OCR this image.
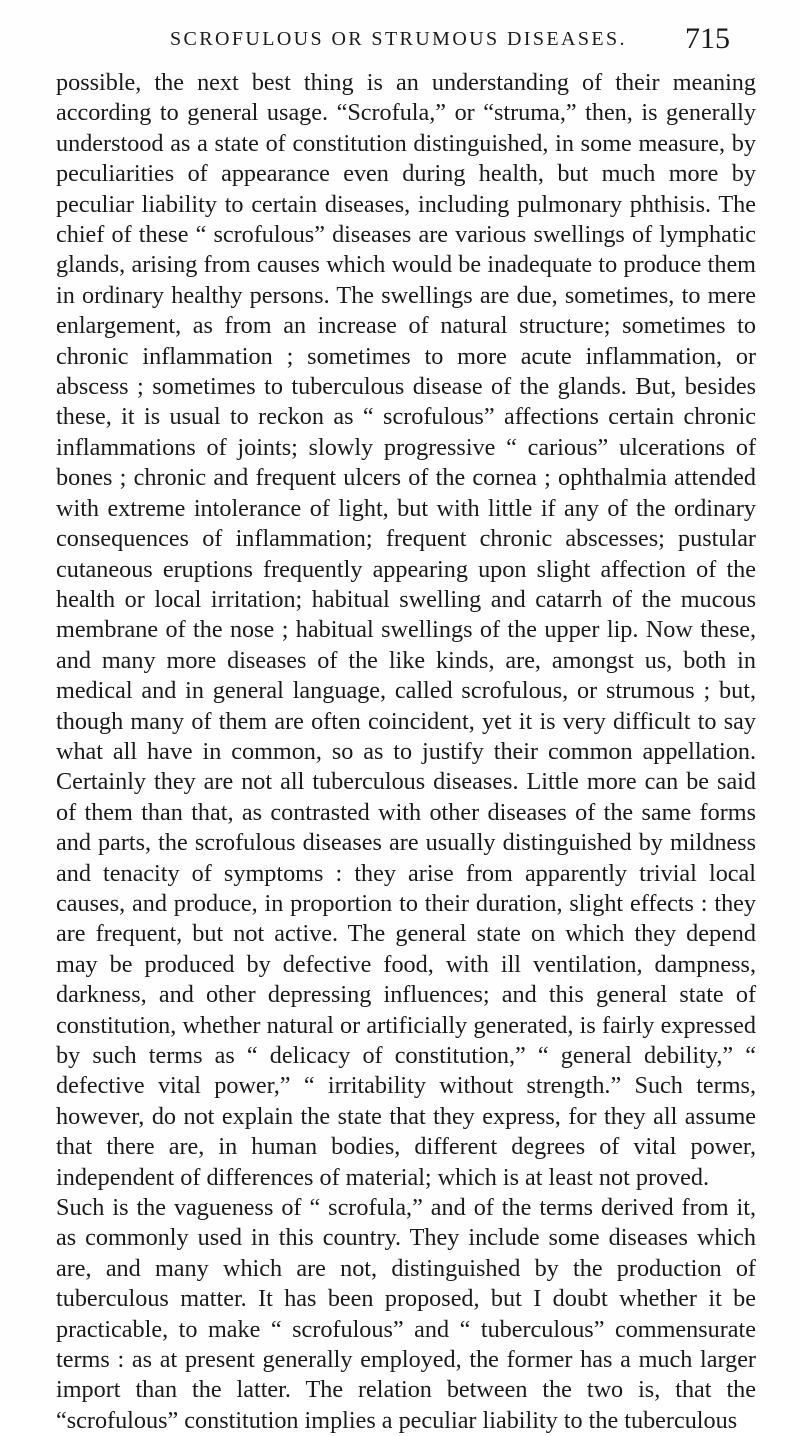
SCROFULOUS OR STRUMOUS DISEASES. 715

possible, the next best thing is an understanding of their meaning according to general usage. “Scrofula,” or “struma,” then, is generally understood as a state of constitution distinguished, in some measure, by peculiarities of appearance even during health, but much more by peculiar liability to certain diseases, including pulmonary phthisis. The chief of these “ scrofulous” diseases are various swellings of lymphatic glands, arising from causes which would be inadequate to produce them in ordinary healthy persons. The swellings are due, sometimes, to mere enlargement, as from an increase of natural structure; sometimes to chronic inflammation ; sometimes to more acute inflammation, or abscess ; sometimes to tuberculous disease of the glands. But, besides these, it is usual to reckon as “ scrofulous” affections certain chronic inflammations of joints; slowly progressive “ carious” ulcerations of bones ; chronic and frequent ulcers of the cornea ; ophthalmia attended with extreme intolerance of light, but with little if any of the ordinary consequences of inflammation; frequent chronic abscesses; pustular cutaneous eruptions frequently appearing upon slight affection of the health or local irritation; habitual swelling and catarrh of the mucous membrane of the nose ; habitual swellings of the upper lip. Now these, and many more diseases of the like kinds, are, amongst us, both in medical and in general language, called scrofulous, or strumous ; but, though many of them are often coincident, yet it is very difficult to say what all have in common, so as to justify their common appellation. Certainly they are not all tuberculous diseases. Little more can be said of them than that, as contrasted with other diseases of the same forms and parts, the scrofulous diseases are usually distinguished by mildness and tenacity of symptoms : they arise from apparently trivial local causes, and produce, in proportion to their duration, slight effects : they are frequent, but not active. The general state on which they depend may be produced by defective food, with ill ventilation, dampness, darkness, and other depressing influences; and this general state of constitution, whether natural or artificially generated, is fairly expressed by such terms as “ delicacy of constitution,” “ general debility,” “ defective vital power,” “ irritability without strength.” Such terms, however, do not explain the state that they express, for they all assume that there are, in human bodies, different degrees of vital power, independent of differences of material; which is at least not proved.

Such is the vagueness of “ scrofula,” and of the terms derived from it, as commonly used in this country. They include some diseases which are, and many which are not, distinguished by the production of tuberculous matter. It has been proposed, but I doubt whether it be practicable, to make “ scrofulous” and “ tuberculous” commensurate terms : as at present generally employed, the former has a much larger import than the latter. The relation between the two is, that the “scrofulous” constitution implies a peculiar liability to the tuberculous
